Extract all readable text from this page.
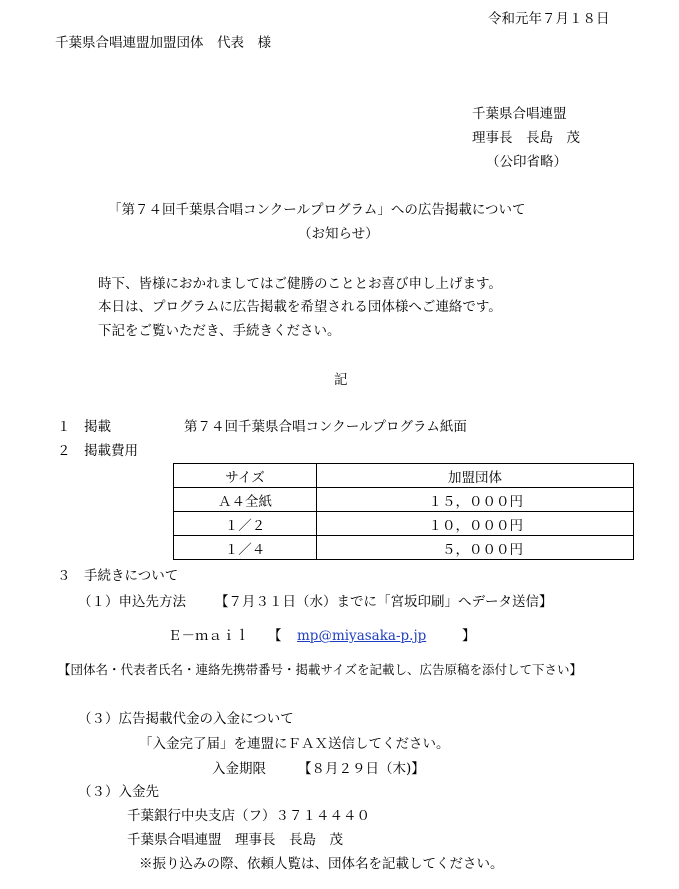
令和元年７月１８日
千葉県合唱連盟加盟団体　代表　様
千葉県合唱連盟
理事長　長島　茂
（公印省略）
「第７４回千葉県合唱コンクールプログラム」への広告掲載について
（お知らせ）
時下、皆様におかれましてはご健勝のこととお喜び申し上げます。
本日は、プログラムに広告掲載を希望される団体様へご連絡です。
下記をご覧いただき、手続きください。
記
１ 掲載	第７４回千葉県合唱コンクールプログラム紙面
２ 掲載費用
サイズ	加盟団体
Ａ４全紙	１５，０００円
１／２	１０，０００円
１／４	５，０００円
３ 手続きについて
（１）申込先方法 【７月３１日（水）までに「宮坂印刷」へデータ送信】
Ｅ－ｍａｉｌ 【 mp@miyasaka-p.jp	】
【団体名・代表者氏名・連絡先携帯番号・掲載サイズを記載し、広告原稿を添付して下さい】
（３）広告掲載代金の入金について
「入金完了届」を連盟にＦＡＸ送信してください。
入金期限 【８月２９日（木)】
（３）入金先
千葉銀行中央支店（フ）３７１４４４０
千葉県合唱連盟　理事長　長島　茂
※振り込みの際、依頼人覧は、団体名を記載してください。
